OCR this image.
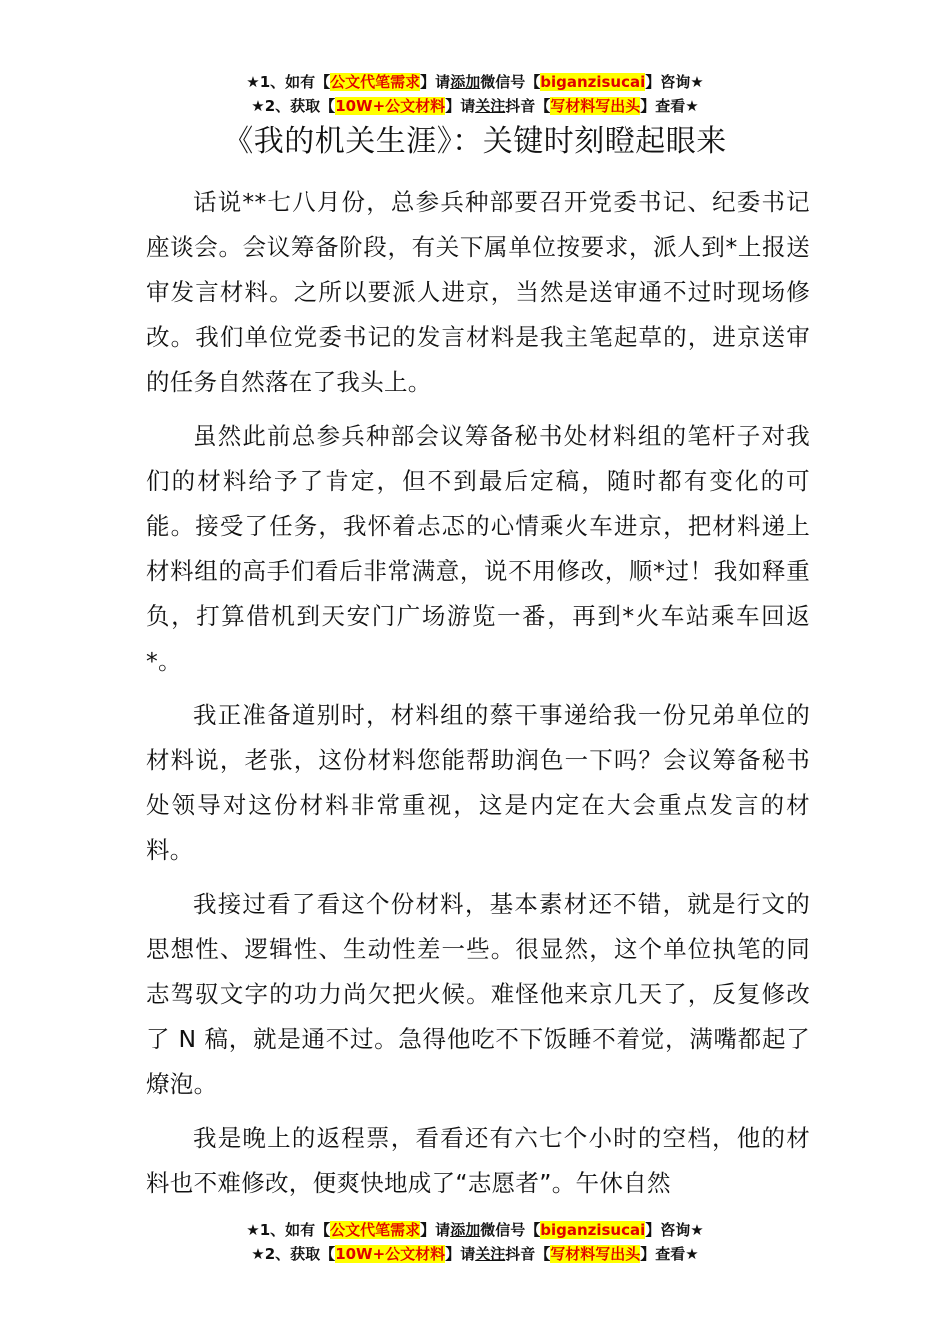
★1、如有【公文代笔需求】请添加微信号【biganzisucai】咨询★
★2、获取【10W+公文材料】请关注抖音【写材料写出头】查看★
《我的机关生涯》：关键时刻瞪起眼来

话说**七八月份，总参兵种部要召开党委书记、纪委书记座谈会。会议筹备阶段，有关下属单位按要求，派人到*上报送审发言材料。之所以要派人进京，当然是送审通不过时现场修改。我们单位党委书记的发言材料是我主笔起草的，进京送审的任务自然落在了我头上。

虽然此前总参兵种部会议筹备秘书处材料组的笔杆子对我们的材料给予了肯定，但不到最后定稿，随时都有变化的可能。接受了任务，我怀着忐忑的心情乘火车进京，把材料递上材料组的高手们看后非常满意，说不用修改，顺*过！我如释重负，打算借机到天安门广场游览一番，再到*火车站乘车回返*。

我正准备道别时，材料组的蔡干事递给我一份兄弟单位的材料说，老张，这份材料您能帮助润色一下吗？会议筹备秘书处领导对这份材料非常重视，这是内定在大会重点发言的材料。

我接过看了看这个份材料，基本素材还不错，就是行文的思想性、逻辑性、生动性差一些。很显然，这个单位执笔的同志驾驭文字的功力尚欠把火候。难怪他来京几天了，反复修改了 N 稿，就是通不过。急得他吃不下饭睡不着觉，满嘴都起了燎泡。

我是晚上的返程票，看看还有六七个小时的空档，他的材料也不难修改，便爽快地成了“志愿者”。午休自然

★1、如有【公文代笔需求】请添加微信号【biganzisucai】咨询★
★2、获取【10W+公文材料】请关注抖音【写材料写出头】查看★
